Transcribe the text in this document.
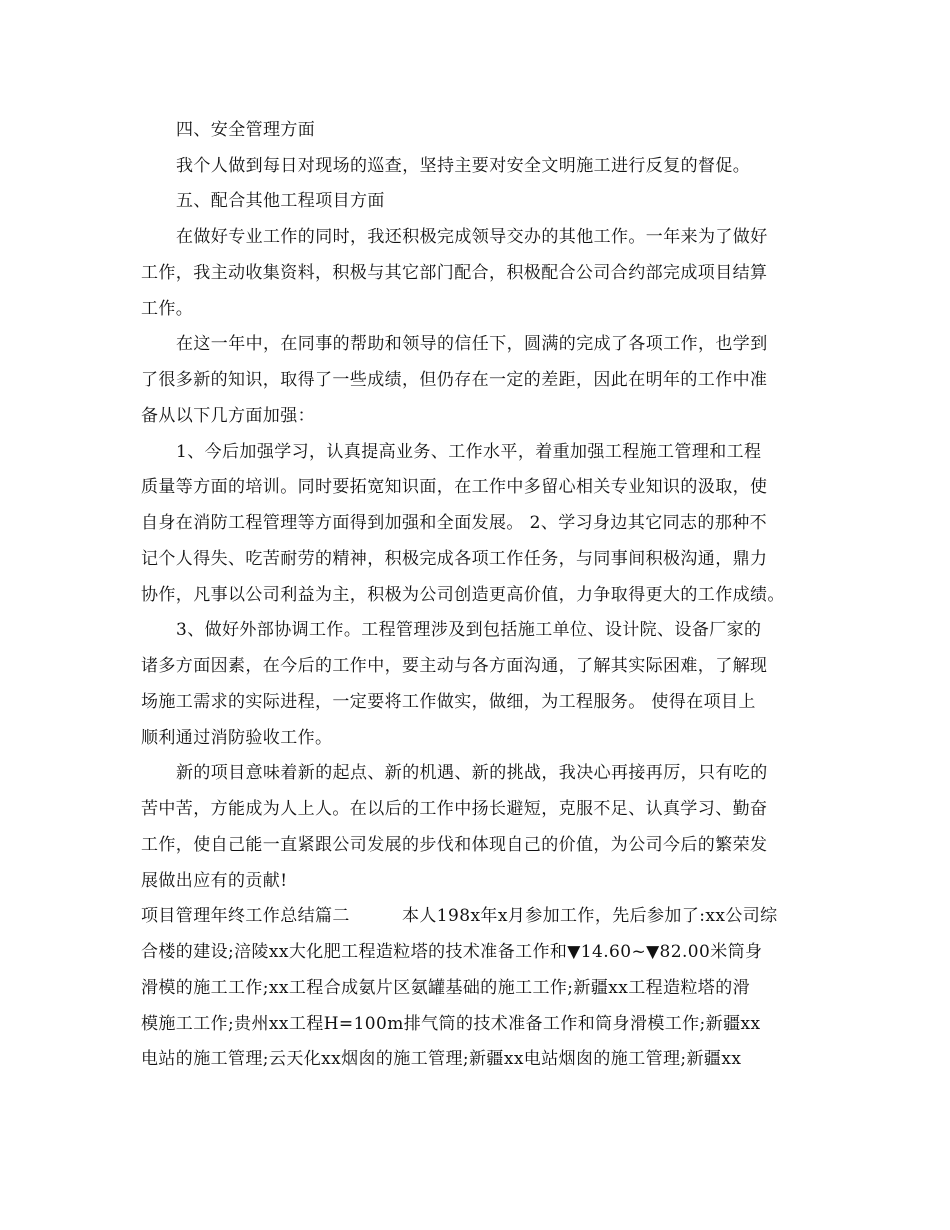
四、安全管理方面
我个人做到每日对现场的巡查，坚持主要对安全文明施工进行反复的督促。
五、配合其他工程项目方面
在做好专业工作的同时，我还积极完成领导交办的其他工作。一年来为了做好
工作，我主动收集资料，积极与其它部门配合，积极配合公司合约部完成项目结算
工作。
在这一年中，在同事的帮助和领导的信任下，圆满的完成了各项工作，也学到
了很多新的知识，取得了一些成绩，但仍存在一定的差距，因此在明年的工作中准
备从以下几方面加强：
1、今后加强学习，认真提高业务、工作水平，着重加强工程施工管理和工程
质量等方面的培训。同时要拓宽知识面，在工作中多留心相关专业知识的汲取，使
自身在消防工程管理等方面得到加强和全面发展。 2、学习身边其它同志的那种不
记个人得失、吃苦耐劳的精神，积极完成各项工作任务，与同事间积极沟通，鼎力
协作，凡事以公司利益为主，积极为公司创造更高价值，力争取得更大的工作成绩。
3、做好外部协调工作。工程管理涉及到包括施工单位、设计院、设备厂家的
诸多方面因素，在今后的工作中，要主动与各方面沟通，了解其实际困难，了解现
场施工需求的实际进程，一定要将工作做实，做细，为工程服务。 使得在项目上
顺利通过消防验收工作。
新的项目意味着新的起点、新的机遇、新的挑战，我决心再接再厉，只有吃的
苦中苦，方能成为人上人。在以后的工作中扬长避短，克服不足、认真学习、勤奋
工作，使自己能一直紧跟公司发展的步伐和体现自己的价值，为公司今后的繁荣发
展做出应有的贡献!
项目管理年终工作总结篇二　　　本人198x年x月参加工作，先后参加了:xx公司综
合楼的建设;涪陵xx大化肥工程造粒塔的技术准备工作和▼14.60~▼82.00米筒身
滑模的施工工作;xx工程合成氨片区氨罐基础的施工工作;新疆xx工程造粒塔的滑
模施工工作;贵州xx工程H=100m排气筒的技术准备工作和筒身滑模工作;新疆xx
电站的施工管理;云天化xx烟囱的施工管理;新疆xx电站烟囱的施工管理;新疆xx
